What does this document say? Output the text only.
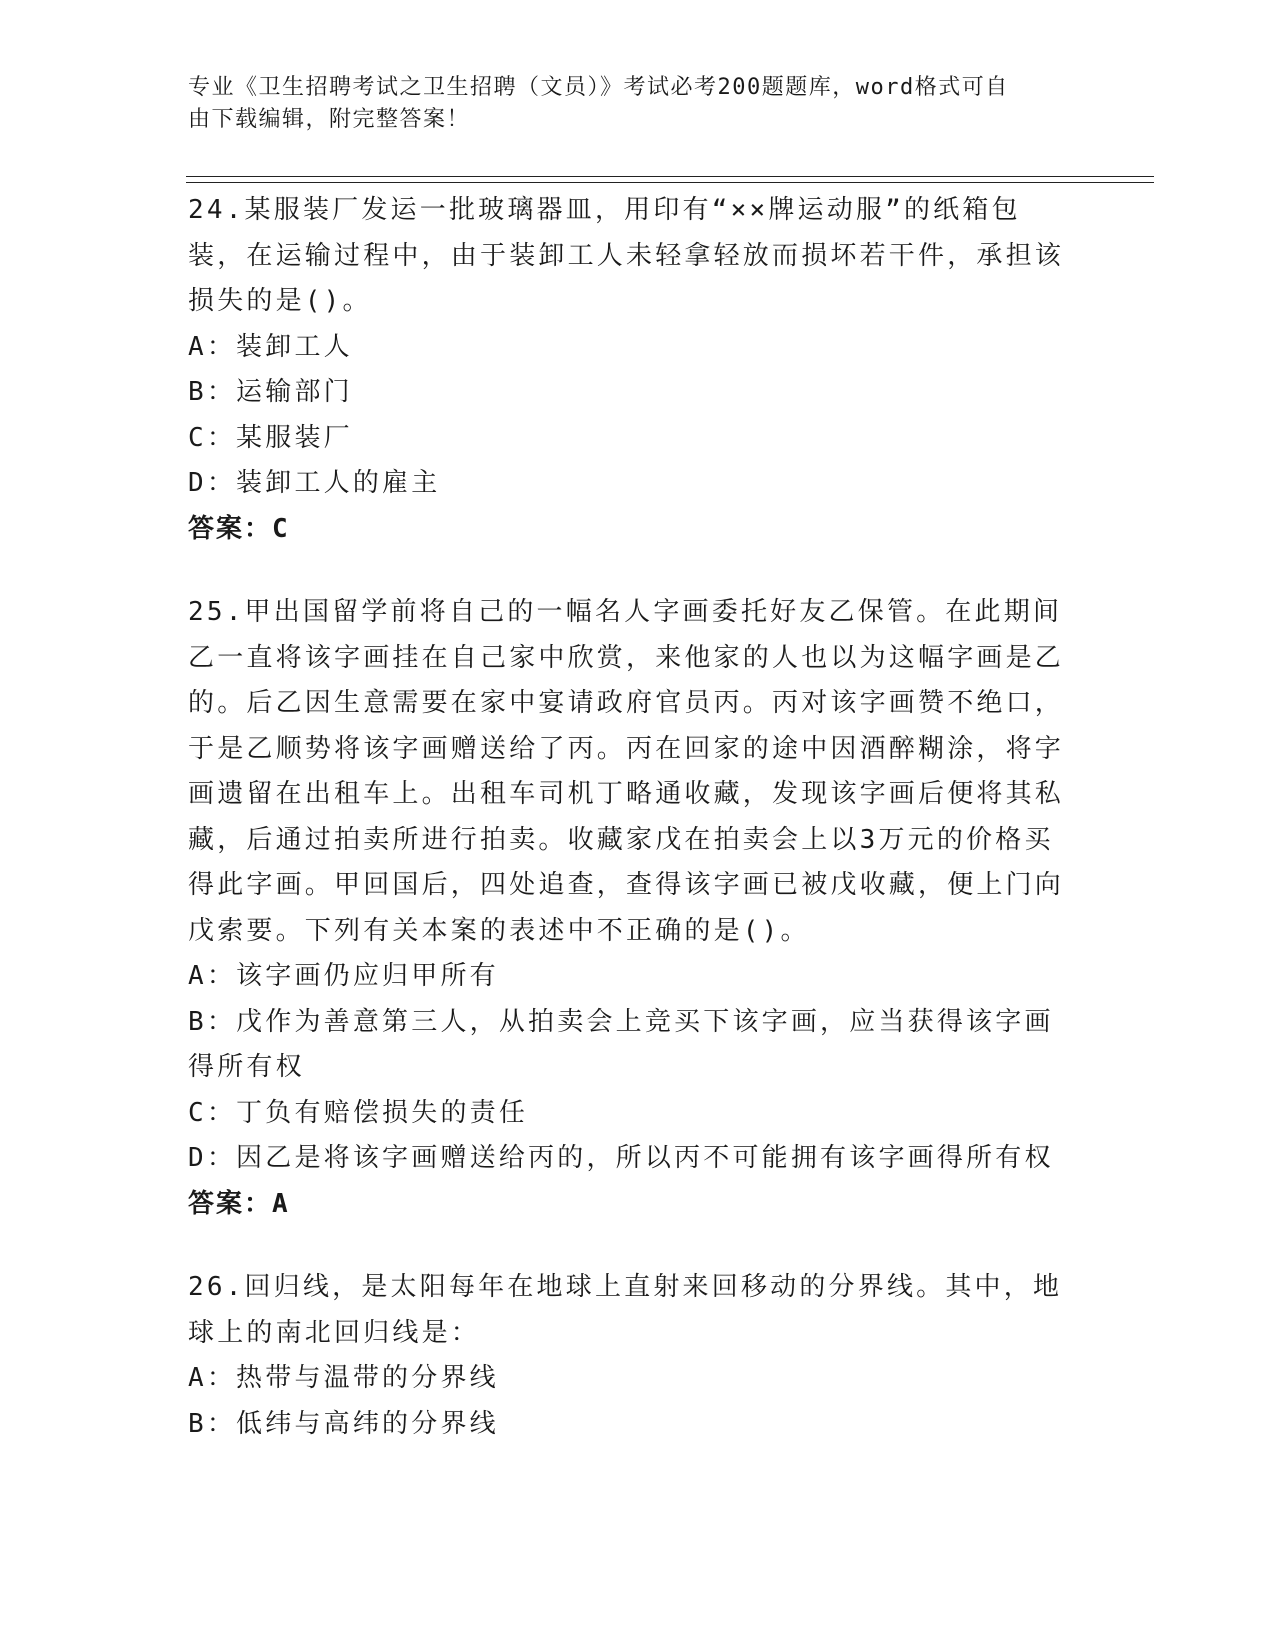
专业《卫生招聘考试之卫生招聘（文员）》考试必考200题题库，word格式可自
由下载编辑，附完整答案！
24.某服装厂发运一批玻璃器皿，用印有“××牌运动服”的纸箱包装，在运输过程中，由于装卸工人未轻拿轻放而损坏若干件，承担该损失的是()。
A：装卸工人
B：运输部门
C：某服装厂
D：装卸工人的雇主
答案：C
25.甲出国留学前将自己的一幅名人字画委托好友乙保管。在此期间乙一直将该字画挂在自己家中欣赏，来他家的人也以为这幅字画是乙的。后乙因生意需要在家中宴请政府官员丙。丙对该字画赞不绝口，于是乙顺势将该字画赠送给了丙。丙在回家的途中因酒醉糊涂，将字画遗留在出租车上。出租车司机丁略通收藏，发现该字画后便将其私藏，后通过拍卖所进行拍卖。收藏家戊在拍卖会上以3万元的价格买得此字画。甲回国后，四处追查，查得该字画已被戊收藏，便上门向戊索要。下列有关本案的表述中不正确的是()。
A：该字画仍应归甲所有
B：戊作为善意第三人，从拍卖会上竞买下该字画，应当获得该字画得所有权
C：丁负有赔偿损失的责任
D：因乙是将该字画赠送给丙的，所以丙不可能拥有该字画得所有权
答案：A
26.回归线，是太阳每年在地球上直射来回移动的分界线。其中，地球上的南北回归线是：
A：热带与温带的分界线
B：低纬与高纬的分界线
